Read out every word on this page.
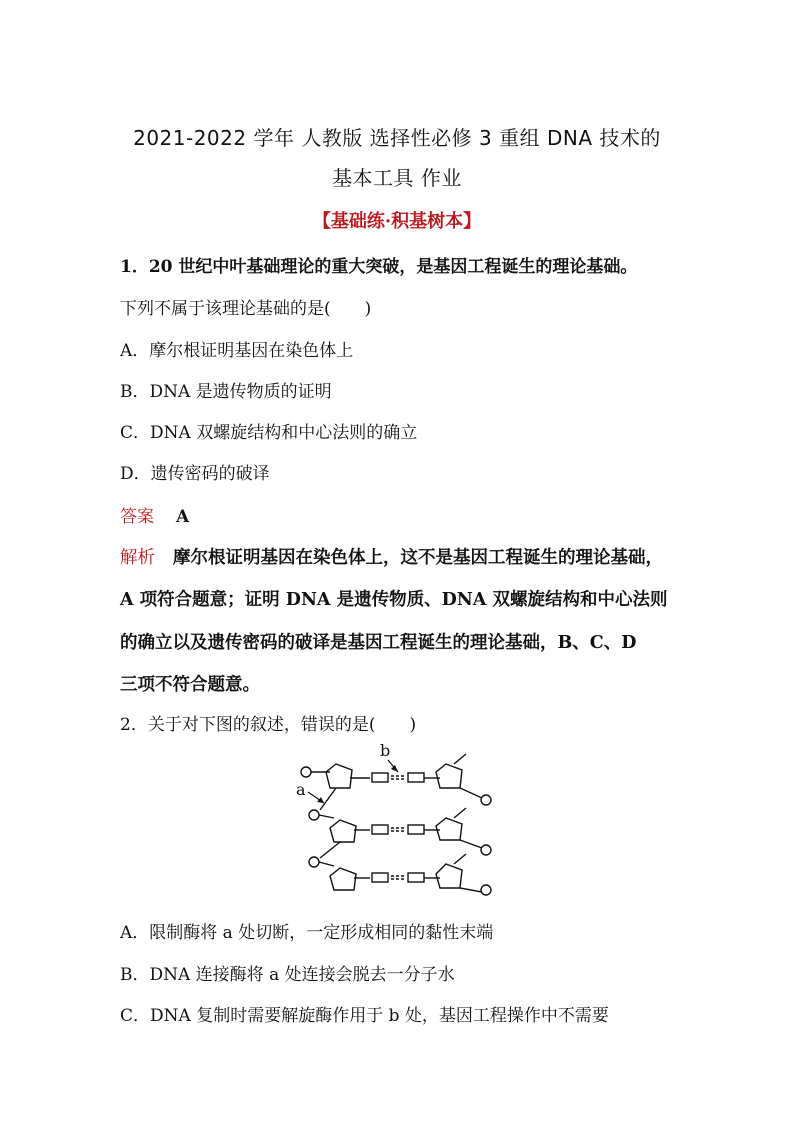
2021-2022 学年 人教版 选择性必修 3 重组 DNA 技术的
基本工具 作业
【基础练·积基树本】
1．20 世纪中叶基础理论的重大突破，是基因工程诞生的理论基础。
下列不属于该理论基础的是(　　)
A．摩尔根证明基因在染色体上
B．DNA 是遗传物质的证明
C．DNA 双螺旋结构和中心法则的确立
D．遗传密码的破译
答案 A
解析 摩尔根证明基因在染色体上，这不是基因工程诞生的理论基础，
A 项符合题意；证明 DNA 是遗传物质、DNA 双螺旋结构和中心法则
的确立以及遗传密码的破译是基因工程诞生的理论基础，B、C、D
三项不符合题意。
2．关于对下图的叙述，错误的是(　　)
a
b
A．限制酶将 a 处切断，一定形成相同的黏性末端
B．DNA 连接酶将 a 处连接会脱去一分子水
C．DNA 复制时需要解旋酶作用于 b 处，基因工程操作中不需要
